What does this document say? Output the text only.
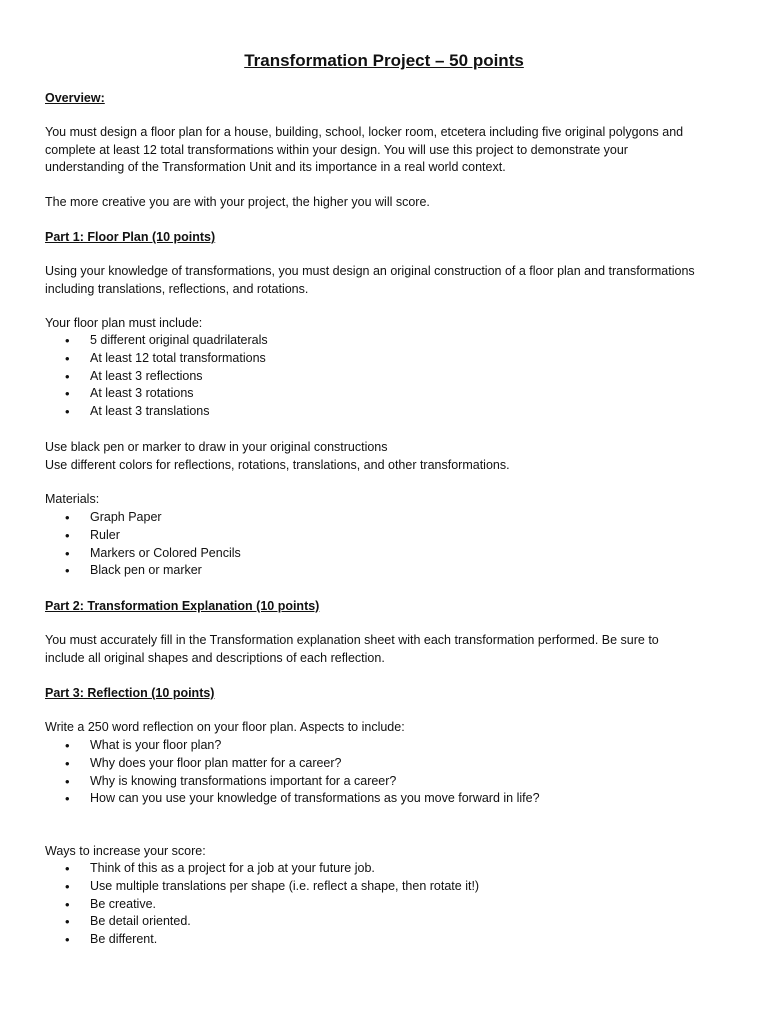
Transformation Project – 50 points
Overview:

You must design a floor plan for a house, building, school, locker room, etcetera including five original polygons and

complete at least 12 total transformations within your design. You will use this project to demonstrate your

understanding of the Transformation Unit and its importance in a real world context.

The more creative you are with your project, the higher you will score.
Part 1: Floor Plan (10 points)

Using your knowledge of transformations, you must design an original construction of a floor plan and transformations

including translations, reflections, and rotations.

Your floor plan must include:
• 5 different original quadrilaterals
• At least 12 total transformations
• At least 3 reflections
• At least 3 rotations
• At least 3 translations

Use black pen or marker to draw in your original constructions

Use different colors for reflections, rotations, translations, and other transformations.

Materials:
• Graph Paper
• Ruler
• Markers or Colored Pencils
• Black pen or marker
Part 2: Transformation Explanation (10 points)

You must accurately fill in the Transformation explanation sheet with each transformation performed. Be sure to

include all original shapes and descriptions of each reflection.

Part 3: Reflection (10 points)
Write a 250 word reflection on your floor plan. Aspects to include:
• What is your floor plan?
• Why does your floor plan matter for a career?
• Why is knowing transformations important for a career?
• How can you use your knowledge of transformations as you move forward in life?
Ways to increase your score:
• Think of this as a project for a job at your future job.
• Use multiple translations per shape (i.e. reflect a shape, then rotate it!)
• Be creative.
• Be detail oriented.
• Be different.
